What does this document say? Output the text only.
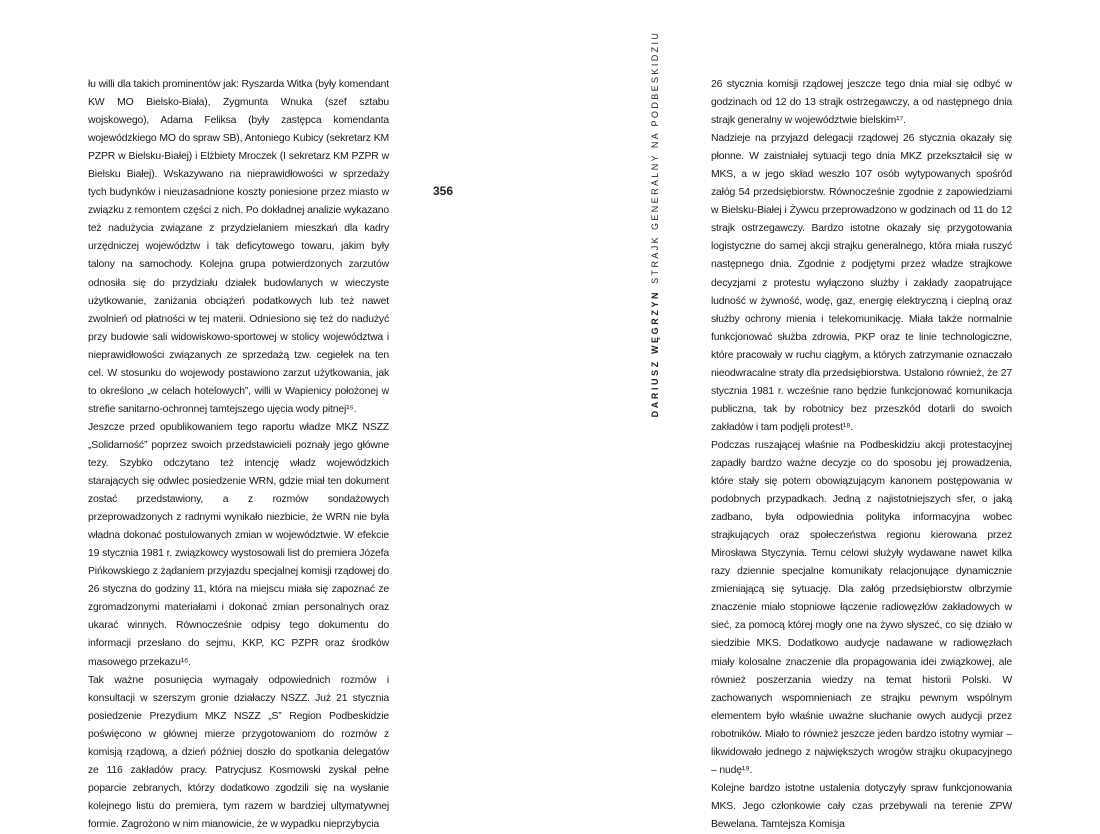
łu willi dla takich prominentów jak: Ryszarda Witka (były komendant KW MO Bielsko-Biała), Zygmunta Wnuka (szef sztabu wojskowego), Adama Feliksa (były zastępca komendanta wojewódzkiego MO do spraw SB), Antoniego Kubicy (sekretarz KM PZPR w Bielsku-Białej) i Elżbiety Mroczek (I sekretarz KM PZPR w Bielsku Białej). Wskazywano na nieprawidłowości w sprzedaży tych budynków i nieuzasadnione koszty poniesione przez miasto w związku z remontem części z nich. Po dokładnej analizie wykazano też nadużycia związane z przydzielaniem mieszkań dla kadry urzędniczej województw i tak deficytowego towaru, jakim były talony na samochody. Kolejna grupa potwierdzonych zarzutów odnosiła się do przydziału działek budowlanych w wieczyste użytkowanie, zaniżania obciążeń podatkowych lub też nawet zwolnień od płatności w tej materii. Odniesiono się też do nadużyć przy budowie sali widowiskowo-sportowej w stolicy województwa i nieprawidłowości związanych ze sprzedażą tzw. cegiełek na ten cel. W stosunku do wojewody postawiono zarzut użytkowania, jak to określono „w celach hotelowych”, willi w Wapienicy położonej w strefie sanitarno-ochronnej tamtejszego ujęcia wody pitnej¹⁵.

Jeszcze przed opublikowaniem tego raportu władze MKZ NSZZ „Solidarność” poprzez swoich przedstawicieli poznały jego główne tezy. Szybko odczytano też intencję władz wojewódzkich starających się odwlec posiedzenie WRN, gdzie miał ten dokument zostać przedstawiony, a z rozmów sondażowych przeprowadzonych z radnymi wynikało niezbicie, że WRN nie była władna dokonać postulowanych zmian w województwie. W efekcie 19 stycznia 1981 r. związkowcy wystosowali list do premiera Józefa Pińkowskiego z żądaniem przyjazdu specjalnej komisji rządowej do 26 styczna do godziny 11, która na miejscu miała się zapoznać ze zgromadzonymi materiałami i dokonać zmian personalnych oraz ukarać winnych. Równocześnie odpisy tego dokumentu do informacji przesłano do sejmu, KKP, KC PZPR oraz środków masowego przekazu¹⁶.

Tak ważne posunięcia wymagały odpowiednich rozmów i konsultacji w szerszym gronie działaczy NSZZ. Już 21 stycznia posiedzenie Prezydium MKZ NSZZ „S” Region Podbeskidzie poświęcono w głównej mierze przygotowaniom do rozmów z komisją rządową, a dzień później doszło do spotkania delegatów ze 116 zakładów pracy. Patrycjusz Kosmowski zyskał pełne poparcie zebranych, którzy dodatkowo zgodzili się na wysłanie kolejnego listu do premiera, tym razem w bardziej ultymatywnej formie. Zagrożono w nim mianowicie, że w wypadku nieprzybycia

356
DARIUSZ WĘGRZYNSTRAJK GENERALNY NA PODBESKIDZIU	26 stycznia komisji rządowej jeszcze tego dnia miał się odbyć w godzinach od 12 do 13 strajk ostrzegawczy, a od następnego dnia strajk generalny w województwie bielskim¹⁷.

Nadzieje na przyjazd delegacji rządowej 26 stycznia okazały się płonne. W zaistniałej sytuacji tego dnia MKZ przekształcił się w MKS, a w jego skład weszło 107 osób wytypowanych spośród załóg 54 przedsiębiorstw. Równocześnie zgodnie z zapowiedziami w Bielsku-Białej i Żywcu przeprowadzono w godzinach od 11 do 12 strajk ostrzegawczy. Bardzo istotne okazały się przygotowania logistyczne do samej akcji strajku generalnego, która miała ruszyć następnego dnia. Zgodnie z podjętymi przez władze strajkowe decyzjami z protestu wyłączono służby i zakłady zaopatrujące ludność w żywność, wodę, gaz, energię elektryczną i cieplną oraz służby ochrony mienia i telekomunikację. Miała także normalnie funkcjonować służba zdrowia, PKP oraz te linie technologiczne, które pracowały w ruchu ciągłym, a których zatrzymanie oznaczało nieodwracalne straty dla przedsiębiorstwa. Ustalono również, że 27 stycznia 1981 r. wcześnie rano będzie funkcjonować komunikacja publiczna, tak by robotnicy bez przeszkód dotarli do swoich zakładów i tam podjęli protest¹⁸.

Podczas ruszającej właśnie na Podbeskidziu akcji protestacyjnej zapadły bardzo ważne decyzje co do sposobu jej prowadzenia, które stały się potem obowiązującym kanonem postępowania w podobnych przypadkach. Jedną z najistotniejszych sfer, o jaką zadbano, była odpowiednia polityka informacyjna wobec strajkujących oraz społeczeństwa regionu kierowana przez Mirosława Styczynia. Temu celowi służyły wydawane nawet kilka razy dziennie specjalne komunikaty relacjonujące dynamicznie zmieniającą się sytuację. Dla załóg przedsiębiorstw olbrzymie znaczenie miało stopniowe łączenie radiowęzłów zakładowych w sieć, za pomocą której mogły one na żywo słyszeć, co się działo w siedzibie MKS. Dodatkowo audycje nadawane w radiowęzłach miały kolosalne znaczenie dla propagowania idei związkowej, ale również poszerzania wiedzy na temat historii Polski. W zachowanych wspomnieniach ze strajku pewnym wspólnym elementem było właśnie uważne słuchanie owych audycji przez robotników. Miało to również jeszcze jeden bardzo istotny wymiar – likwidowało jednego z największych wrogów strajku okupacyjnego – nudę¹⁹.

Kolejne bardzo istotne ustalenia dotyczyły spraw funkcjonowania MKS. Jego członkowie cały czas przebywali na terenie ZPW Bewelana. Tamtejsza Komisja
